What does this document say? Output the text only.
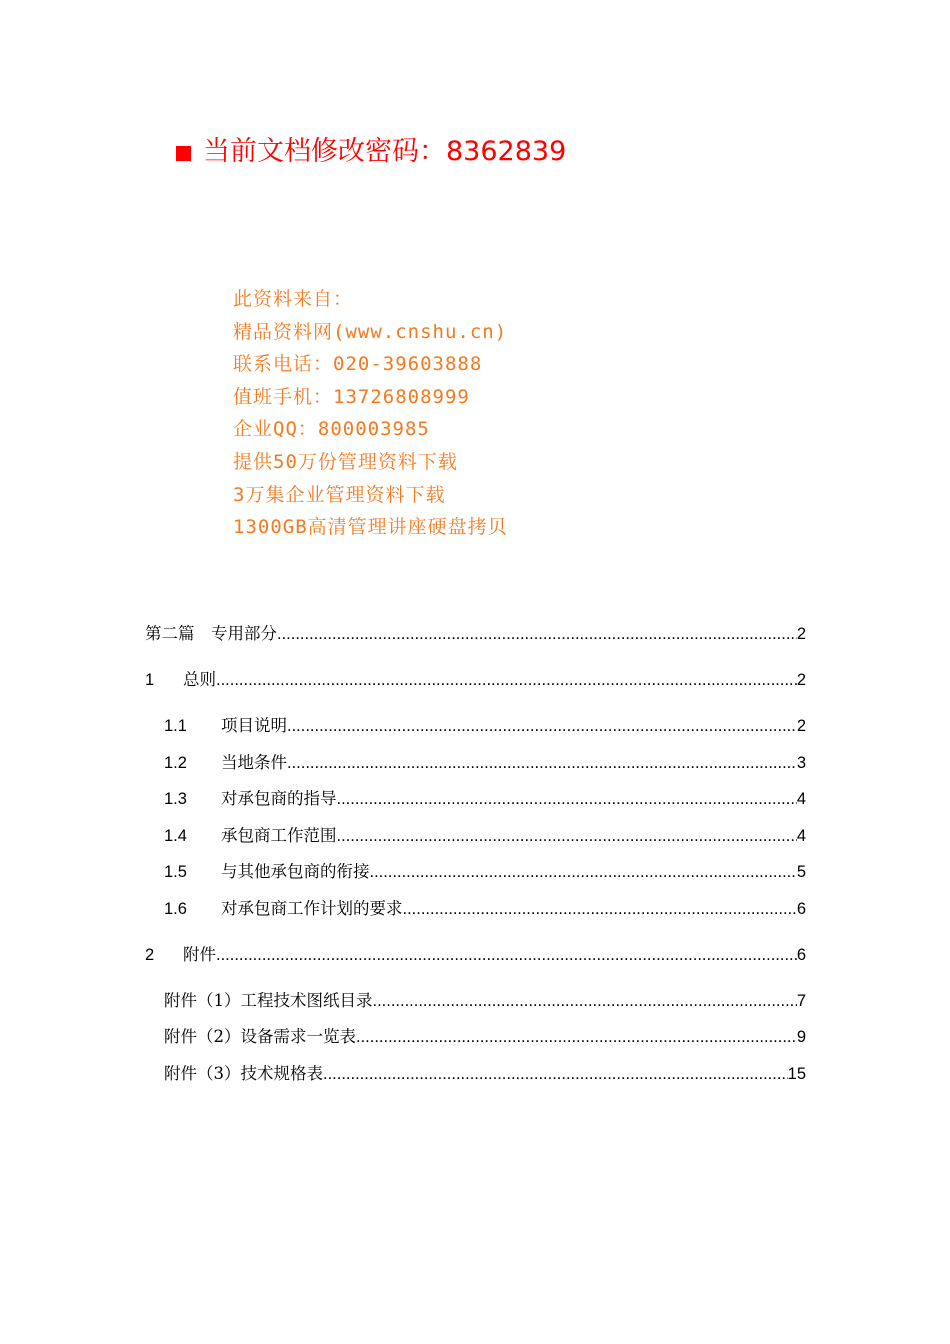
当前文档修改密码：8362839
此资料来自：
精品资料网(www.cnshu.cn)
联系电话：020-39603888
值班手机：13726808999
企业QQ：800003985
提供50万份管理资料下载
3万集企业管理资料下载
1300GB高清管理讲座硬盘拷贝
第二篇　专用部分 .....	2
1	总则 .....	2
1.1	项目说明 .....	2
1.2	当地条件 .....	3
1.3	对承包商的指导 .....	4
1.4	承包商工作范围 .....	4
1.5	与其他承包商的衔接 .....	5
1.6	对承包商工作计划的要求 .....	6
2	附件 .....	6
附件（1）工程技术图纸目录 .....	7
附件（2）设备需求一览表 .....	9
附件（3）技术规格表 .....	15
